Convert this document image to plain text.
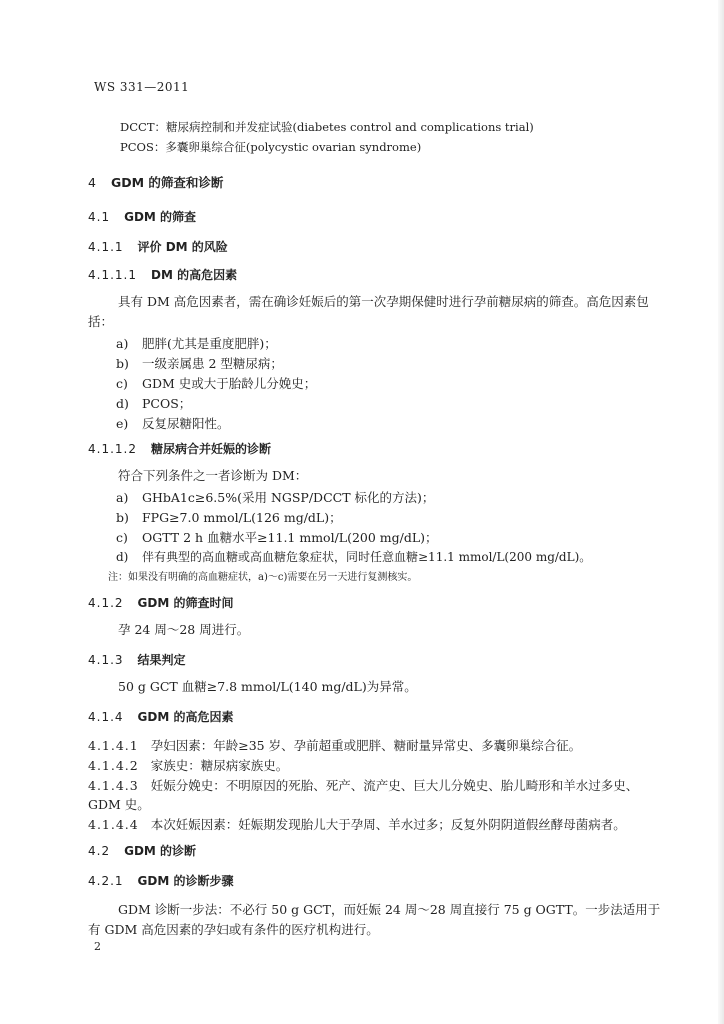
WS 331—2011
DCCT：糖尿病控制和并发症试验(diabetes control and complications trial)
PCOS：多囊卵巢综合征(polycystic ovarian syndrome)
4 GDM 的筛查和诊断
4.1 GDM 的筛查
4.1.1 评价 DM 的风险
4.1.1.1 DM 的高危因素
具有 DM 高危因素者，需在确诊妊娠后的第一次孕期保健时进行孕前糖尿病的筛查。高危因素包括：
a) 肥胖(尤其是重度肥胖)；
b) 一级亲属患 2 型糖尿病；
c) GDM 史或大于胎龄儿分娩史；
d) PCOS；
e) 反复尿糖阳性。
4.1.1.2 糖尿病合并妊娠的诊断
符合下列条件之一者诊断为 DM：
a) GHbA1c≥6.5%(采用 NGSP/DCCT 标化的方法)；
b) FPG≥7.0 mmol/L(126 mg/dL)；
c) OGTT 2 h 血糖水平≥11.1 mmol/L(200 mg/dL)；
d) 伴有典型的高血糖或高血糖危象症状，同时任意血糖≥11.1 mmol/L(200 mg/dL)。
注：如果没有明确的高血糖症状，a)～c)需要在另一天进行复测核实。
4.1.2 GDM 的筛查时间
孕 24 周～28 周进行。
4.1.3 结果判定
50 g GCT 血糖≥7.8 mmol/L(140 mg/dL)为异常。
4.1.4 GDM 的高危因素
4.1.4.1 孕妇因素：年龄≥35 岁、孕前超重或肥胖、糖耐量异常史、多囊卵巢综合征。
4.1.4.2 家族史：糖尿病家族史。
4.1.4.3 妊娠分娩史：不明原因的死胎、死产、流产史、巨大儿分娩史、胎儿畸形和羊水过多史、
GDM 史。
4.1.4.4 本次妊娠因素：妊娠期发现胎儿大于孕周、羊水过多；反复外阴阴道假丝酵母菌病者。
4.2 GDM 的诊断
4.2.1 GDM 的诊断步骤
GDM 诊断一步法：不必行 50 g GCT，而妊娠 24 周～28 周直接行 75 g OGTT。一步法适用于有 GDM 高危因素的孕妇或有条件的医疗机构进行。
2
